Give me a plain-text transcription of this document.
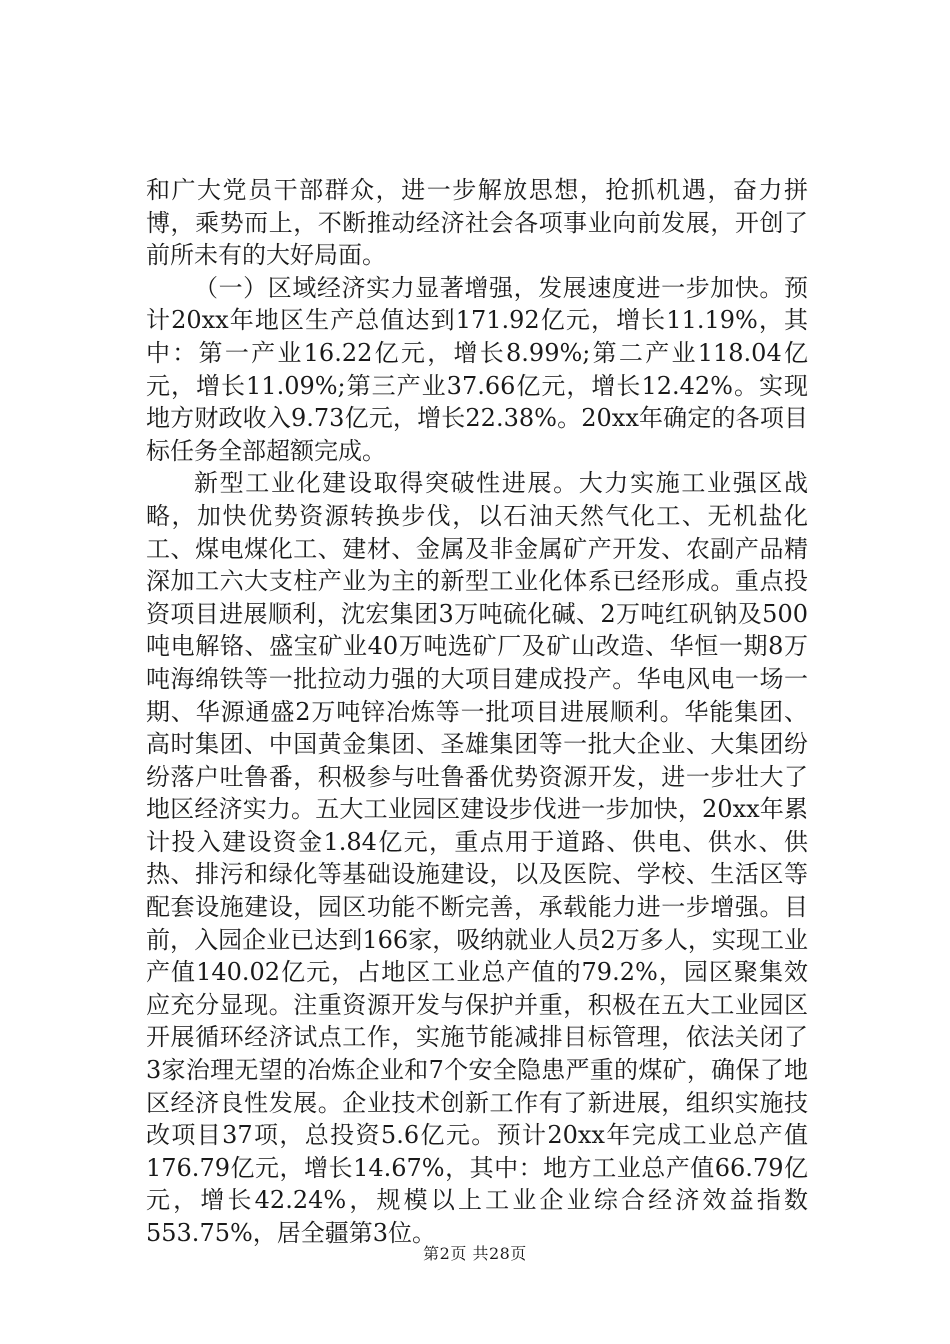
和广大党员干部群众，进一步解放思想，抢抓机遇，奋力拼博，乘势而上，不断推动经济社会各项事业向前发展，开创了前所未有的大好局面。

（一）区域经济实力显著增强，发展速度进一步加快。预计20xx年地区生产总值达到171.92亿元，增长11.19%，其中：第一产业16.22亿元，增长8.99%;第二产业118.04亿元，增长11.09%;第三产业37.66亿元，增长12.42%。实现地方财政收入9.73亿元，增长22.38%。20xx年确定的各项目标任务全部超额完成。

新型工业化建设取得突破性进展。大力实施工业强区战略，加快优势资源转换步伐，以石油天然气化工、无机盐化工、煤电煤化工、建材、金属及非金属矿产开发、农副产品精深加工六大支柱产业为主的新型工业化体系已经形成。重点投资项目进展顺利，沈宏集团3万吨硫化碱、2万吨红矾钠及500吨电解铬、盛宝矿业40万吨选矿厂及矿山改造、华恒一期8万吨海绵铁等一批拉动力强的大项目建成投产。华电风电一场一期、华源通盛2万吨锌冶炼等一批项目进展顺利。华能集团、高时集团、中国黄金集团、圣雄集团等一批大企业、大集团纷纷落户吐鲁番，积极参与吐鲁番优势资源开发，进一步壮大了地区经济实力。五大工业园区建设步伐进一步加快，20xx年累计投入建设资金1.84亿元，重点用于道路、供电、供水、供热、排污和绿化等基础设施建设，以及医院、学校、生活区等配套设施建设，园区功能不断完善，承载能力进一步增强。目前，入园企业已达到166家，吸纳就业人员2万多人，实现工业产值140.02亿元，占地区工业总产值的79.2%，园区聚集效应充分显现。注重资源开发与保护并重，积极在五大工业园区开展循环经济试点工作，实施节能减排目标管理，依法关闭了3家治理无望的冶炼企业和7个安全隐患严重的煤矿，确保了地区经济良性发展。企业技术创新工作有了新进展，组织实施技改项目37项，总投资5.6亿元。预计20xx年完成工业总产值176.79亿元，增长14.67%，其中：地方工业总产值66.79亿元，增长42.24%，规模以上工业企业综合经济效益指数553.75%，居全疆第3位。

第2页 共28页
